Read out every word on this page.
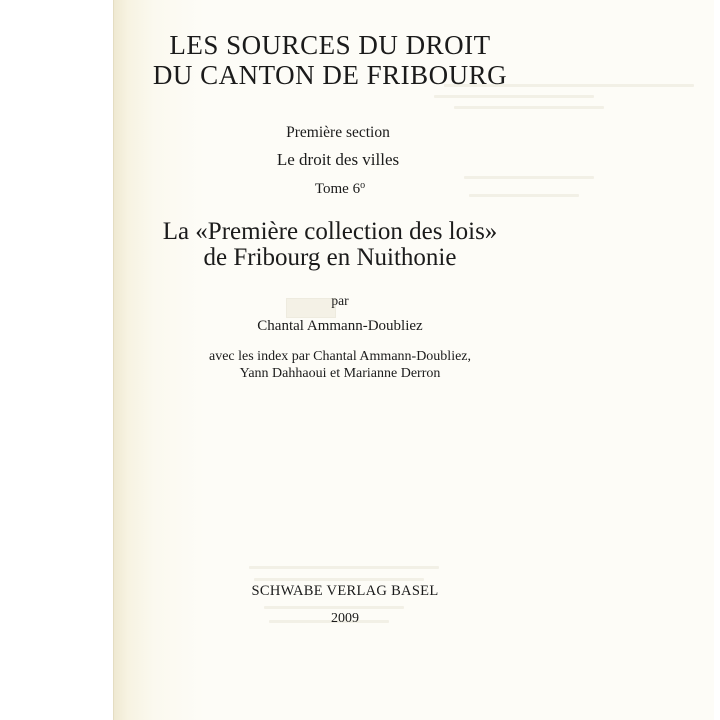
LES SOURCES DU DROIT
DU CANTON DE FRIBOURG
Première section
Le droit des villes
Tome 6$^o$
La «Première collection des lois»
de Fribourg en Nuithonie
par
Chantal Ammann-Doubliez
avec les index par Chantal Ammann-Doubliez,
Yann Dahhaoui et Marianne Derron
SCHWABE VERLAG BASEL
2009
